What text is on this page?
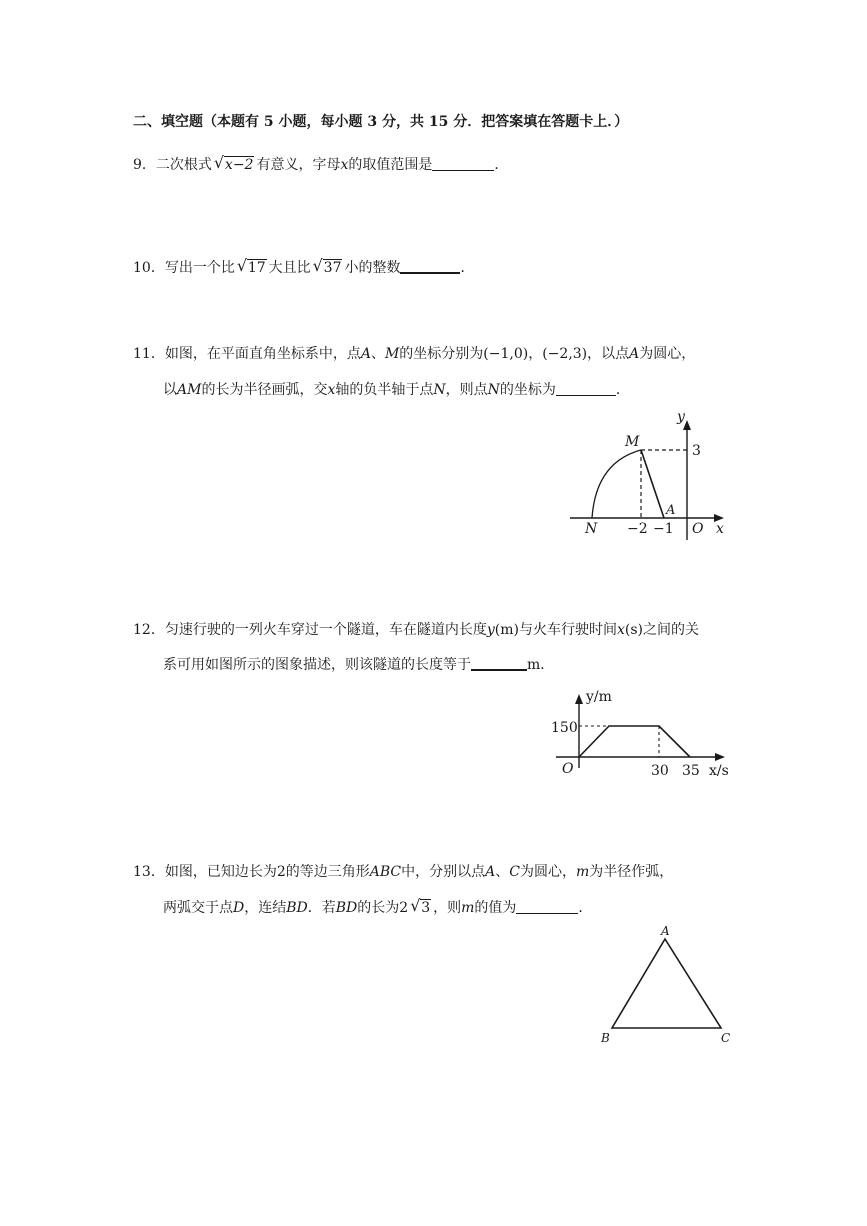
二、填空题（本题有 5 小题，每小题 3 分，共 15 分．把答案填在答题卡上．）
9．二次根式 √ x−2 有意义，字母x的取值范围是	．
10．写出一个比 √ 17 大且比 √ 37 小的整数	．
11．如图，在平面直角坐标系中，点A、M的坐标分别为(−1,0)，(−2,3)，以点A为圆心，
以AM的长为半径画弧，交x轴的负半轴于点N，则点N的坐标为	．
y
x
M
A
N	O
3
−2 −1
12．匀速行驶的一列火车穿过一个隧道，车在隧道内长度y(m)与火车行驶时间x(s)之间的关
系可用如图所示的图象描述，则该隧道的长度等于	m．
y/m
x/s
O
150
30 35
13．如图，已知边长为2的等边三角形ABC中，分别以点A、C为圆心，m为半径作弧，
两弧交于点D，连结BD．若BD的长为2 √ 3 ，则m的值为	．
A
B	C
